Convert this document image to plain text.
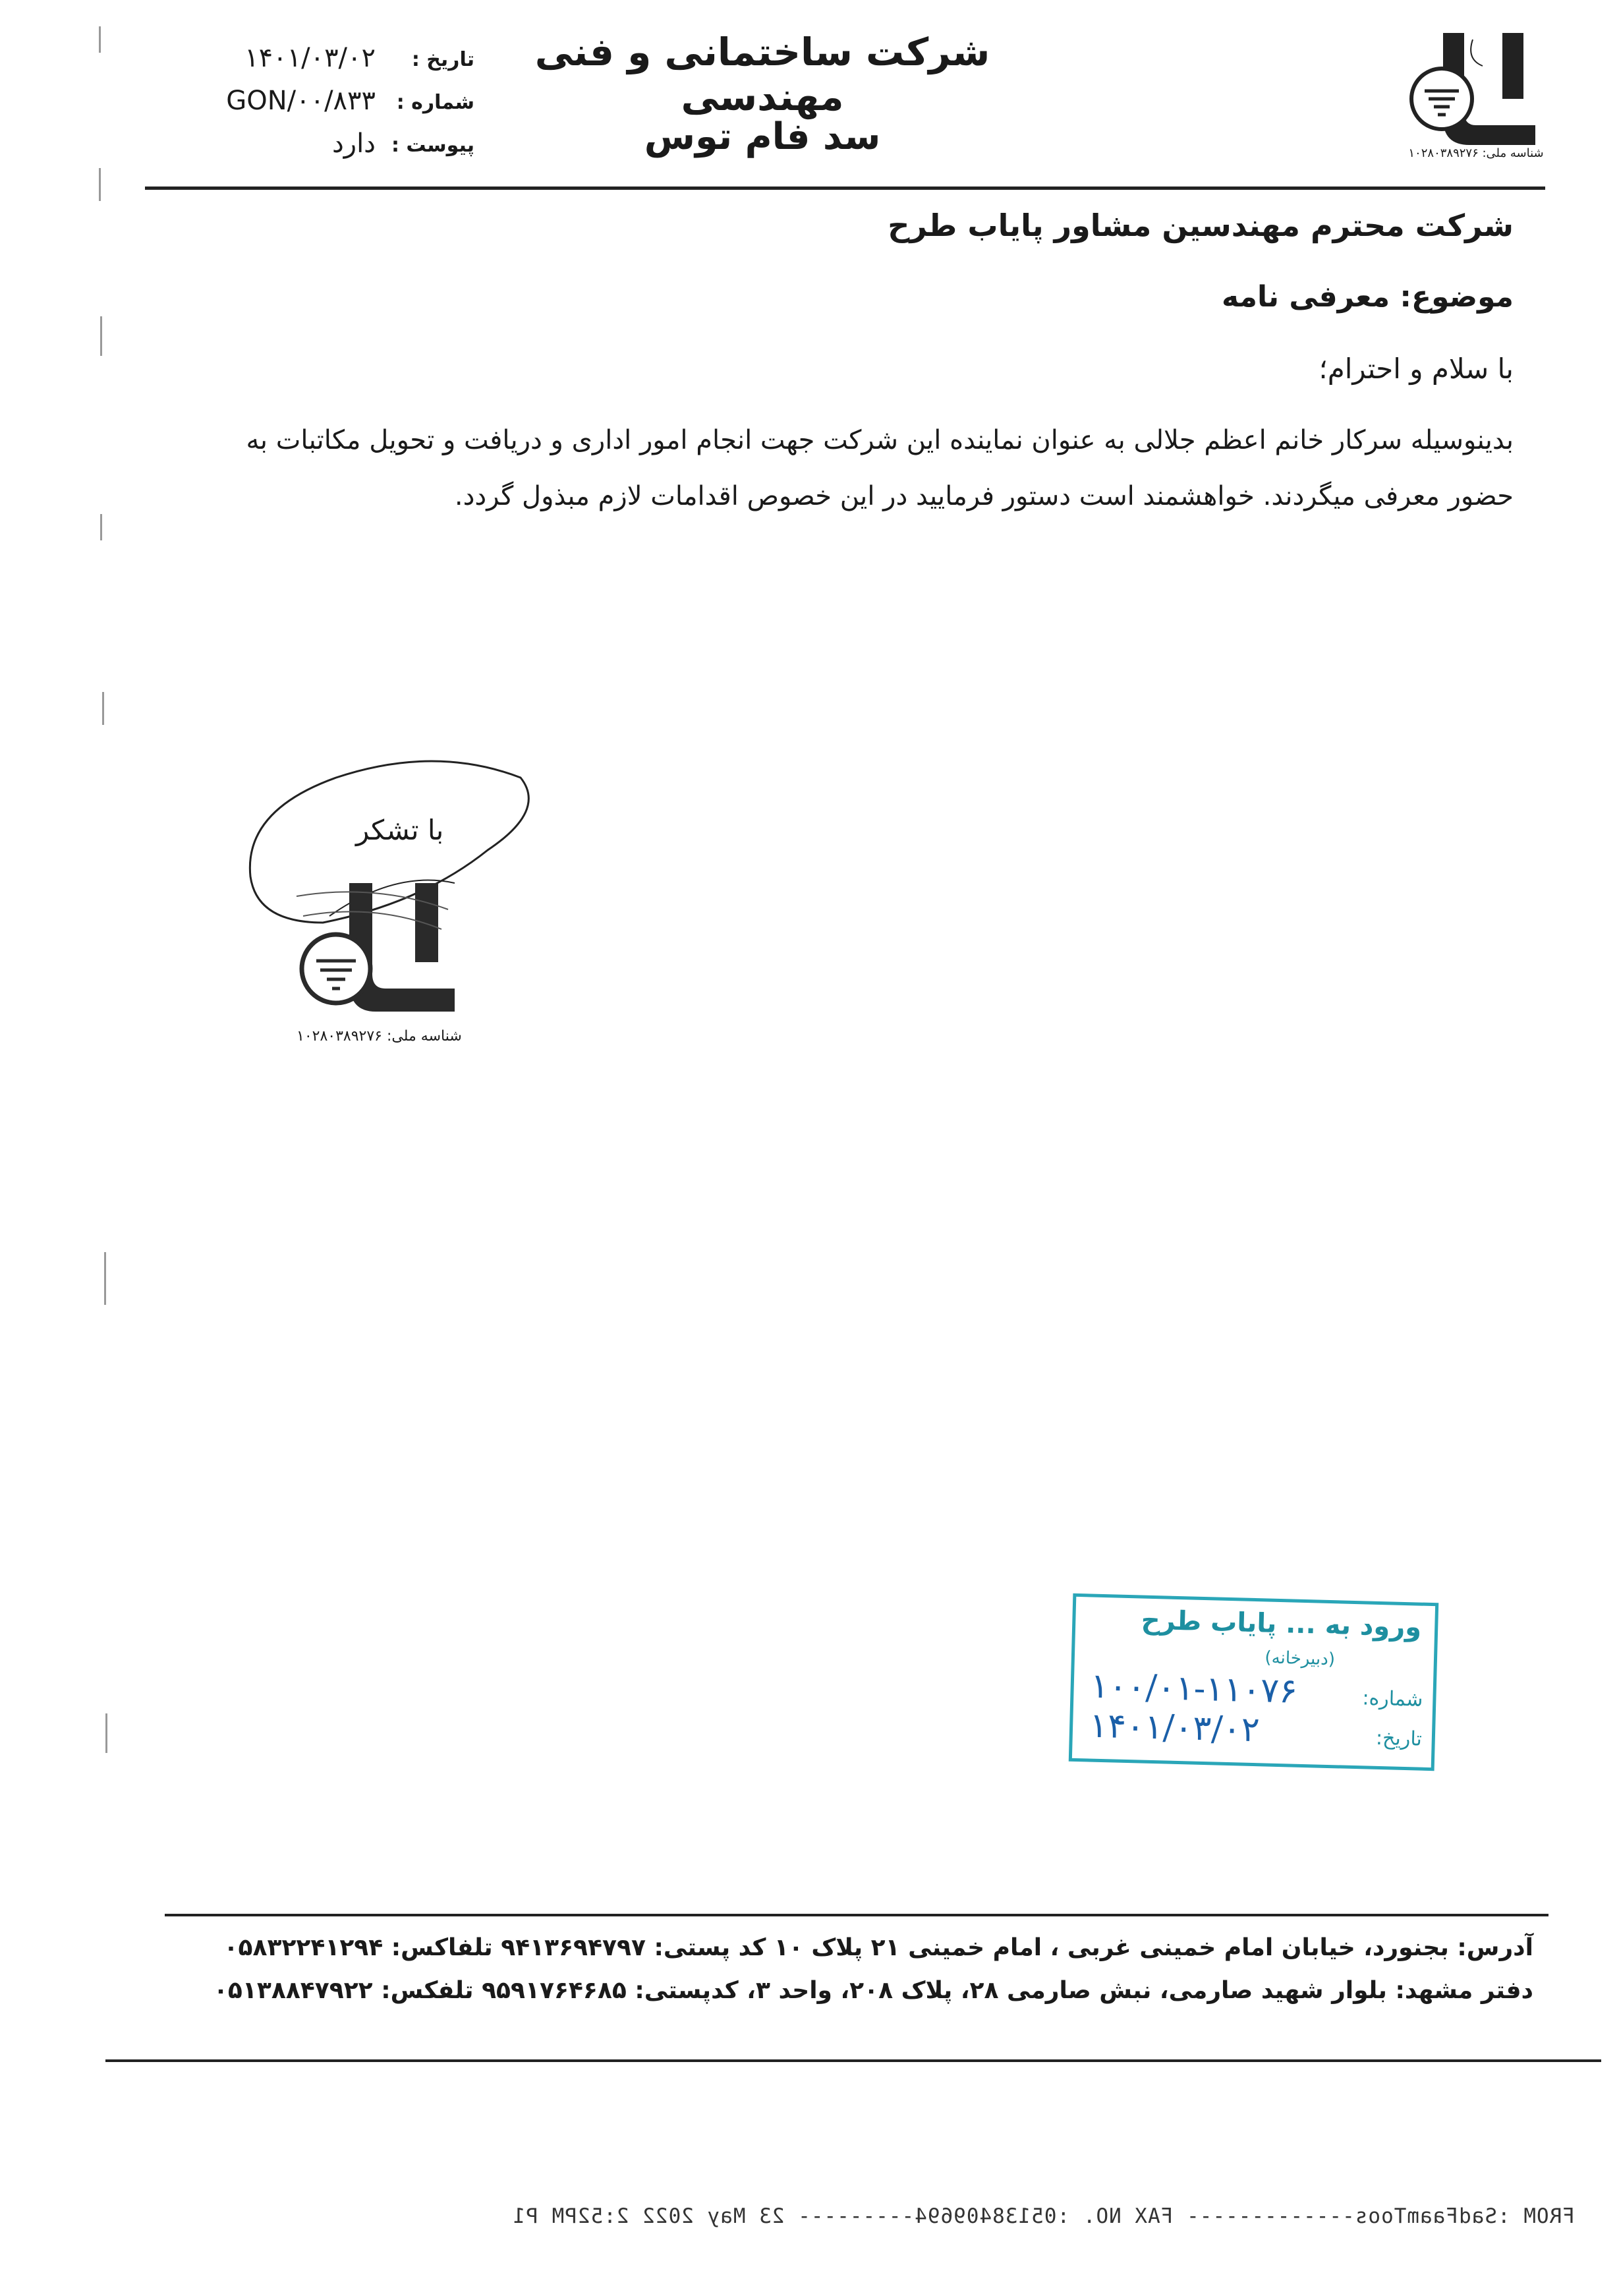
شناسه ملی: ۱۰۲۸۰۳۸۹۲۷۶
شرکت ساختمانی و فنی مهندسی
سد فام توس
تاریخ :
۱۴۰۱/۰۳/۰۲
شماره :
GON/۰۰/۸۳۳
پیوست :
دارد
شرکت محترم مهندسین مشاور پایاب طرح
موضوع: معرفی نامه
با سلام و احترام؛
بدینوسیله سرکار خانم اعظم جلالی به عنوان نماینده این شرکت جهت انجام امور اداری و دریافت و تحویل مکاتبات به
حضور معرفی میگردند. خواهشمند است دستور فرمایید در این خصوص اقدامات لازم مبذول گردد.
با تشکر
شناسه ملی: ۱۰۲۸۰۳۸۹۲۷۶
ورود به ... پایاب طرح
(دبیرخانه)
شماره:
۱۰۰/۰۱-۱۱۰۷۶
تاریخ:
۱۴۰۱/۰۳/۰۲
آدرس: بجنورد، خیابان امام خمینی غربی ، امام خمینی ۲۱ پلاک ۱۰ کد پستی: ۹۴۱۳۶۹۴۷۹۷ تلفاکس: ۰۵۸۳۲۲۴۱۲۹۴
دفتر مشهد: بلوار شهید صارمی، نبش صارمی ۲۸، پلاک ۲۰۸، واحد ۳، کدپستی: ۹۵۹۱۷۶۴۶۸۵ تلفکس: ۰۵۱۳۸۸۴۷۹۲۲
FROM :SadFaamToos------------- FAX NO. :05138409694--------- 23 May 2022 2:52PM P1
